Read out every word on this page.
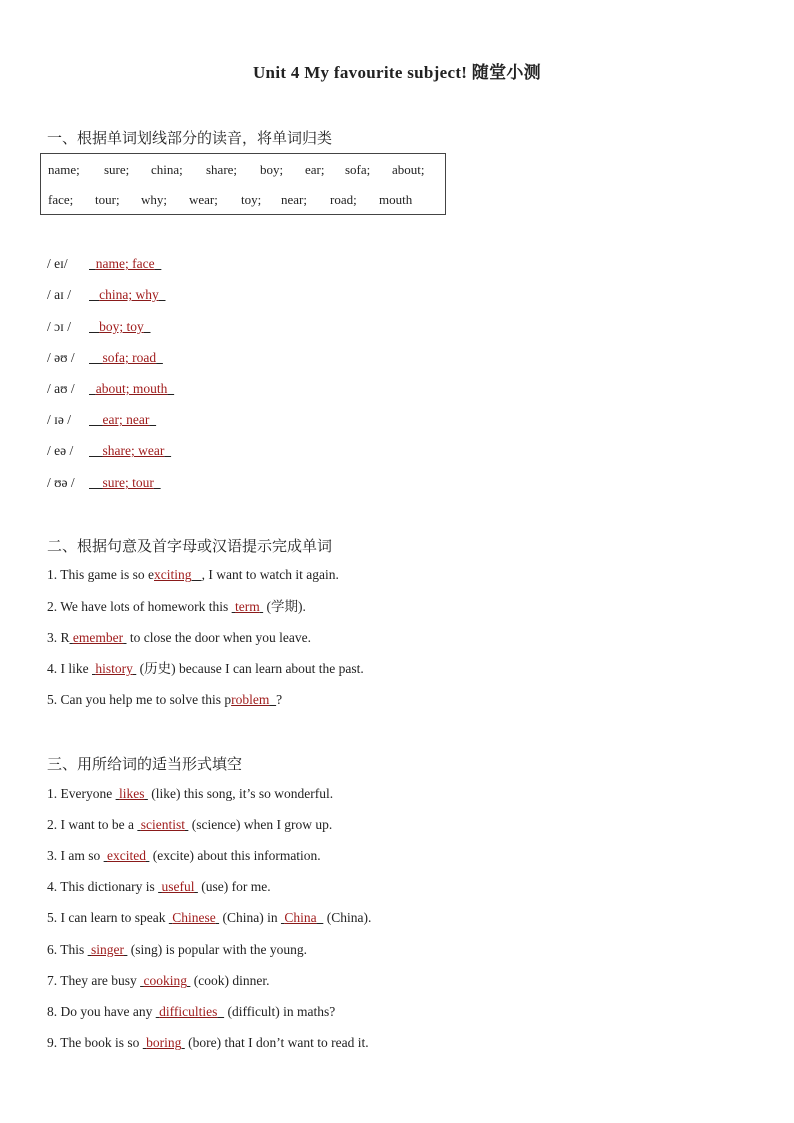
Unit 4 My favourite subject! 随堂小测
一、根据单词划线部分的读音，将单词归类
name; sure; china; share; boy; ear; sofa; about;
face; tour; why; wear; toy; near; road; mouth
/ eɪ/ name; face
/ aɪ / china; why
/ ɔɪ / boy; toy
/ əʊ / sofa; road
/ aʊ / about; mouth
/ ɪə / ear; near
/ eə / share; wear
/ ʊə / sure; tour
二、根据句意及首字母或汉语提示完成单词
1. This game is so exciting , I want to watch it again.
2. We have lots of homework this  term  (学期).
3. R emember  to close the door when you leave.
4. I like  history  (历史) because I can learn about the past.
5. Can you help me to solve this problem ?
三、用所给词的适当形式填空
1. Everyone  likes  (like) this song, it’s so wonderful.
2. I want to be a  scientist  (science) when I grow up.
3. I am so  excited  (excite) about this information.
4. This dictionary is  useful  (use) for me.
5. I can learn to speak  Chinese  (China) in  China   (China).
6. This  singer  (sing) is popular with the young.
7. They are busy  cooking  (cook) dinner.
8. Do you have any  difficulties   (difficult) in maths?
9. The book is so  boring  (bore) that I don’t want to read it.
